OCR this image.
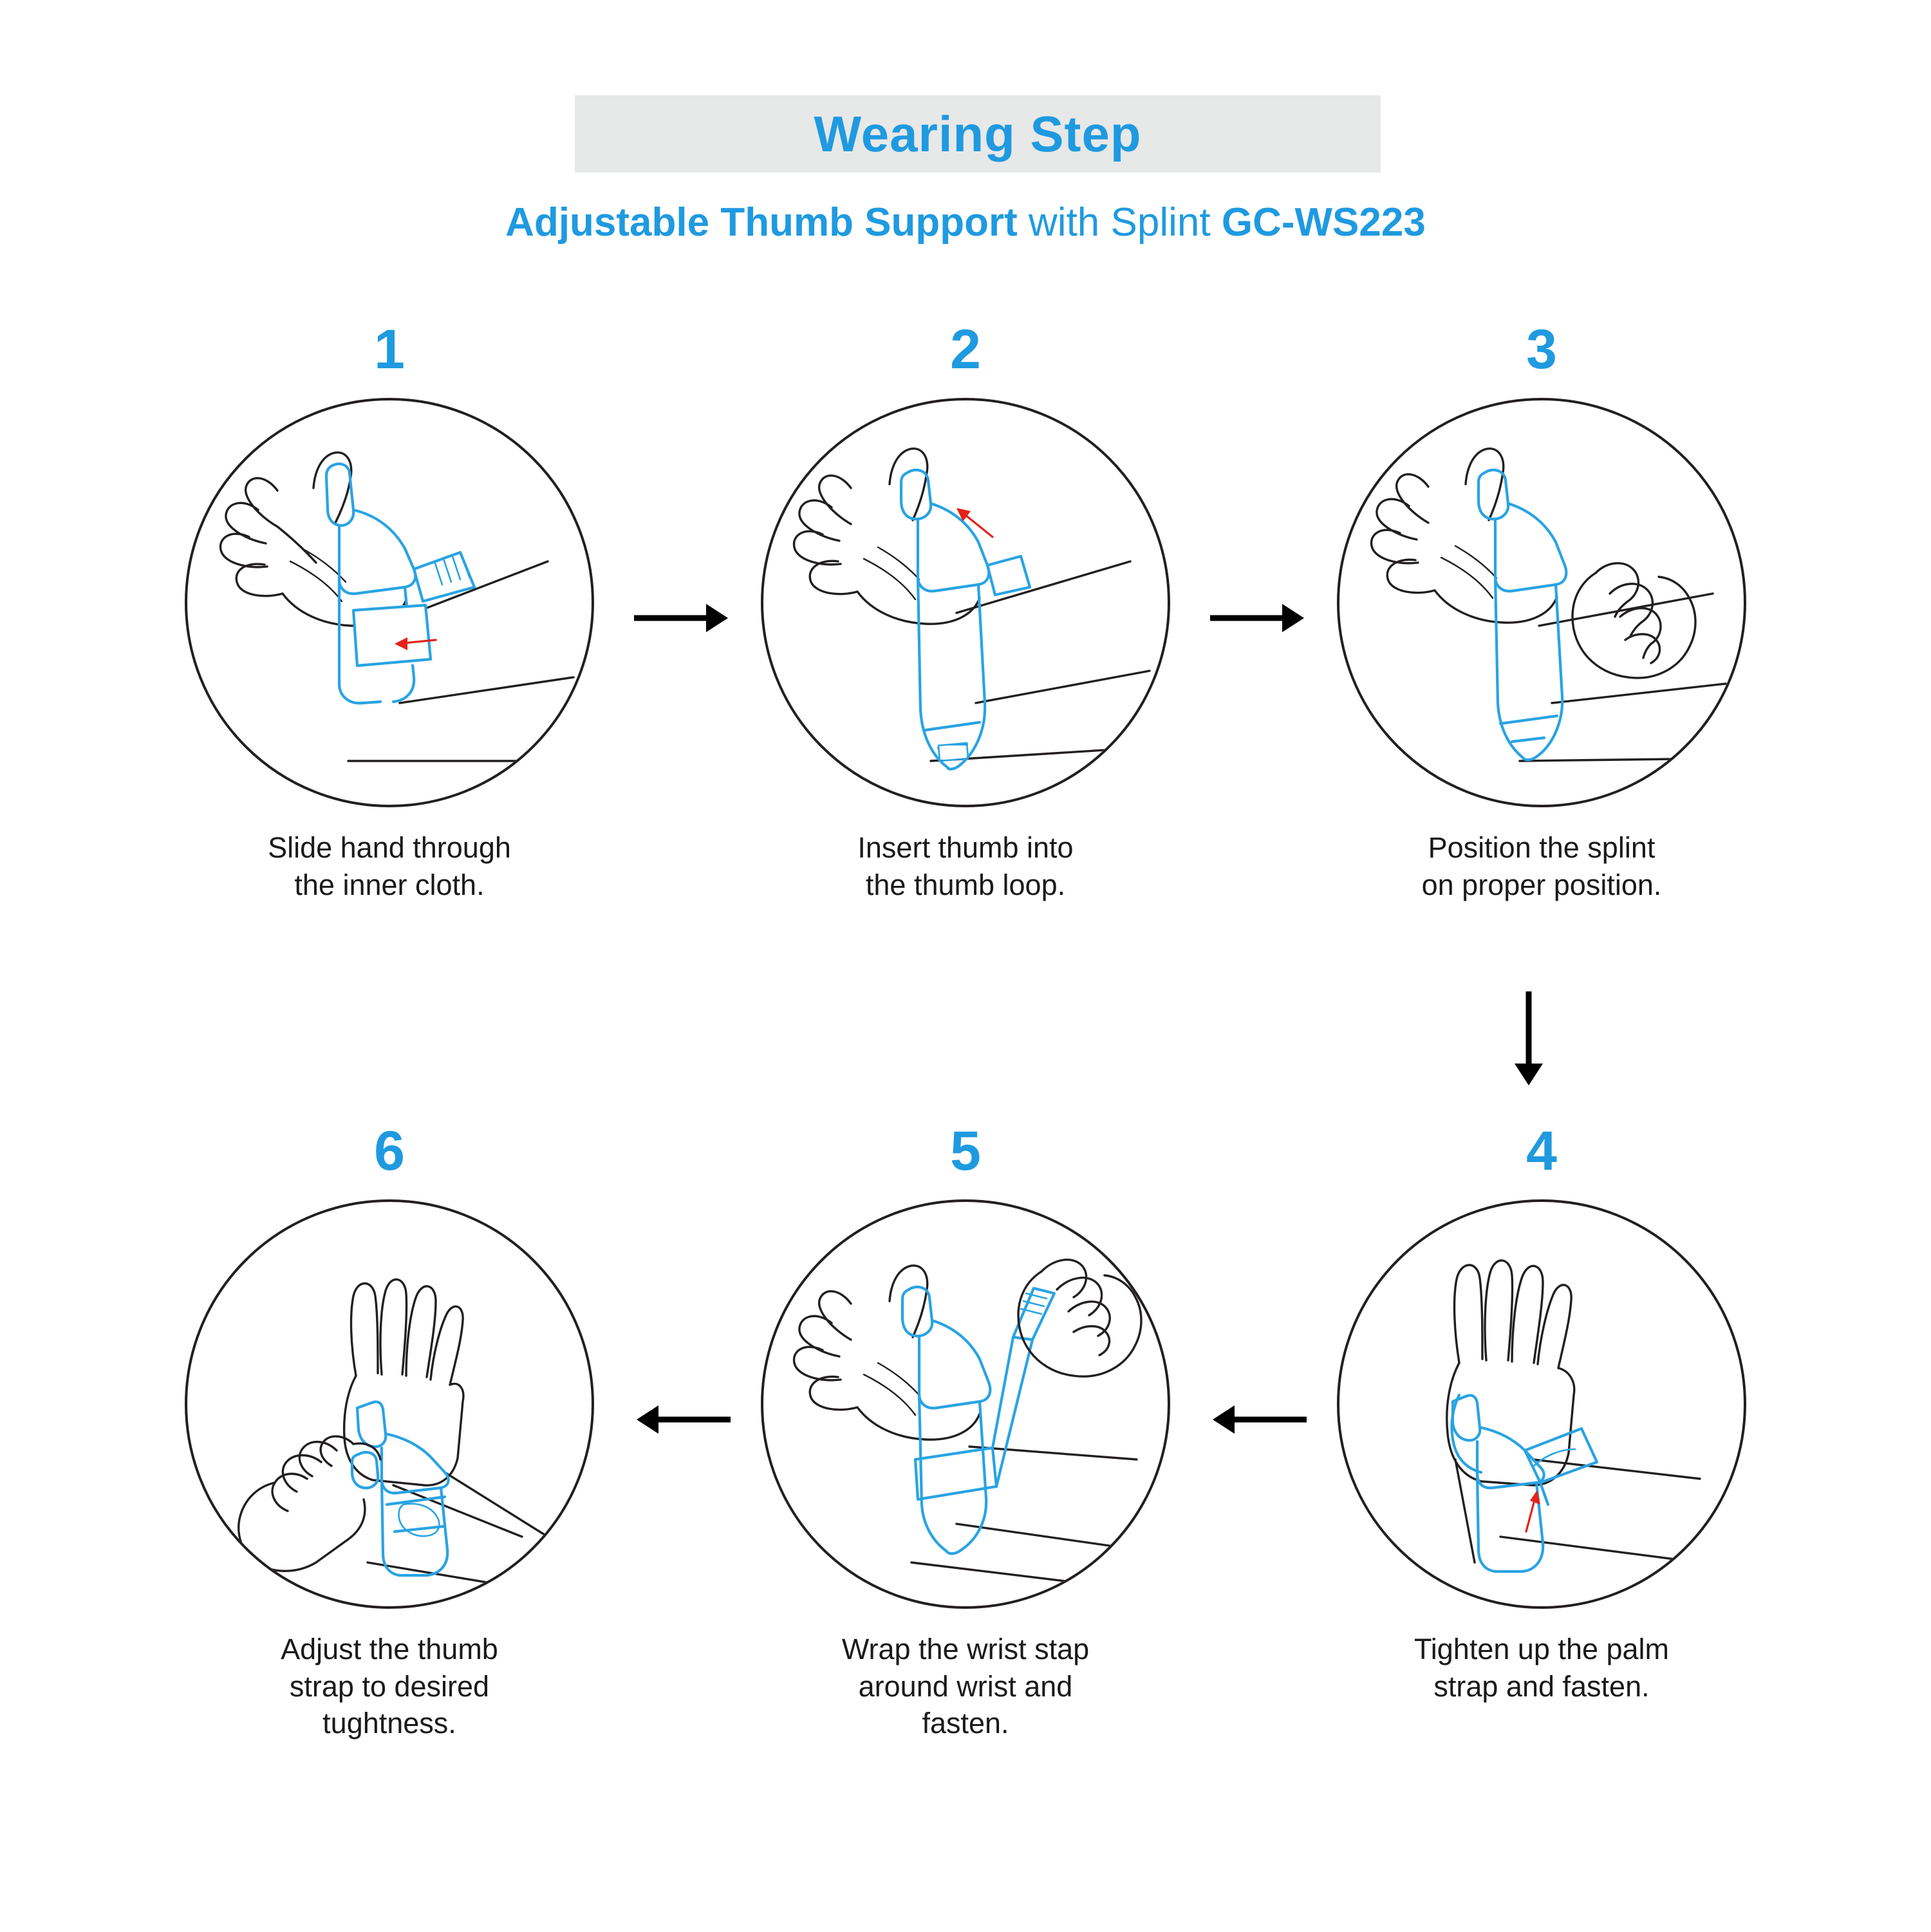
Wearing Step
Adjustable Thumb Support with Splint GC-WS223
1
Slide hand through
the inner cloth.
2
Insert thumb into
the thumb loop.
3
Position the splint
on proper position.
4
Tighten up the palm
strap and fasten.
5
Wrap the wrist stap
around wrist and
fasten.
6
Adjust the thumb
strap to desired
tughtness.
